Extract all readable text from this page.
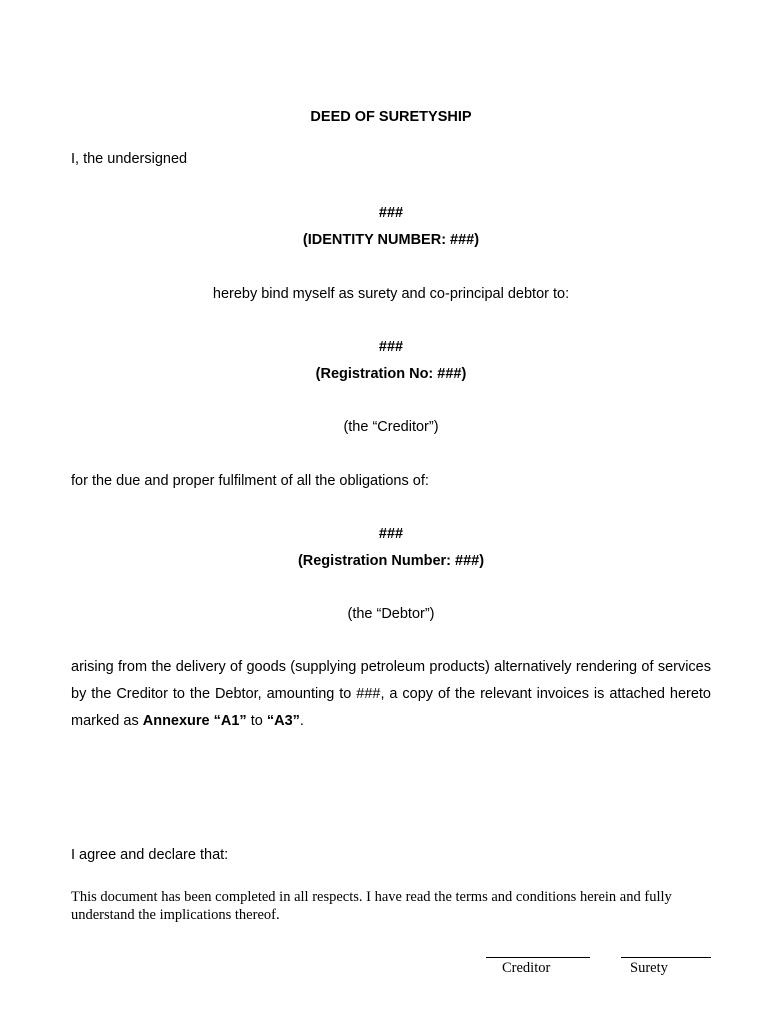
DEED OF SURETYSHIP
I, the undersigned
###
(IDENTITY NUMBER: ###)
hereby bind myself as surety and co-principal debtor to:
###
(Registration No: ###)
(the “Creditor”)
for the due and proper fulfilment of all the obligations of:
###
(Registration Number: ###)
(the “Debtor”)
arising from the delivery of goods (supplying petroleum products) alternatively rendering of services by the Creditor to the Debtor, amounting to ###, a copy of the relevant invoices is attached hereto marked as Annexure “A1” to “A3”.
I agree and declare that:
This document has been completed in all respects. I have read the terms and conditions herein and fully understand the implications thereof.
Creditor	Surety
